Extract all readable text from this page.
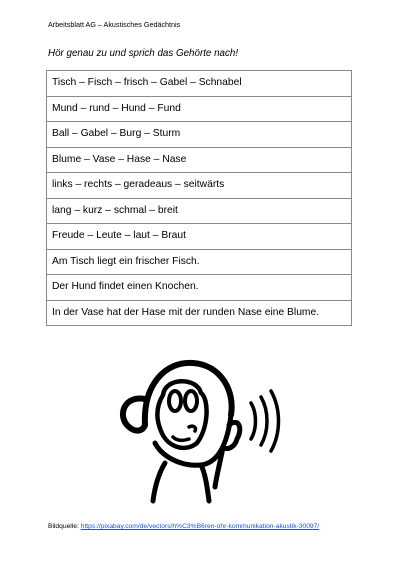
Arbeitsblatt AG – Akustisches Gedächtnis
Hör genau zu und sprich das Gehörte nach!
Tisch – Fisch – frisch – Gabel – Schnabel
Mund – rund – Hund – Fund
Ball – Gabel – Burg – Sturm
Blume – Vase – Hase – Nase
links – rechts – geradeaus – seitwärts
lang – kurz – schmal – breit
Freude – Leute – laut – Braut
Am Tisch liegt ein frischer Fisch.
Der Hund findet einen Knochen.
In der Vase hat der Hase mit der runden Nase eine Blume.
Bildquelle: https://pixabay.com/de/vectors/h%C3%B6ren-ohr-kommunikation-akustik-30097/
